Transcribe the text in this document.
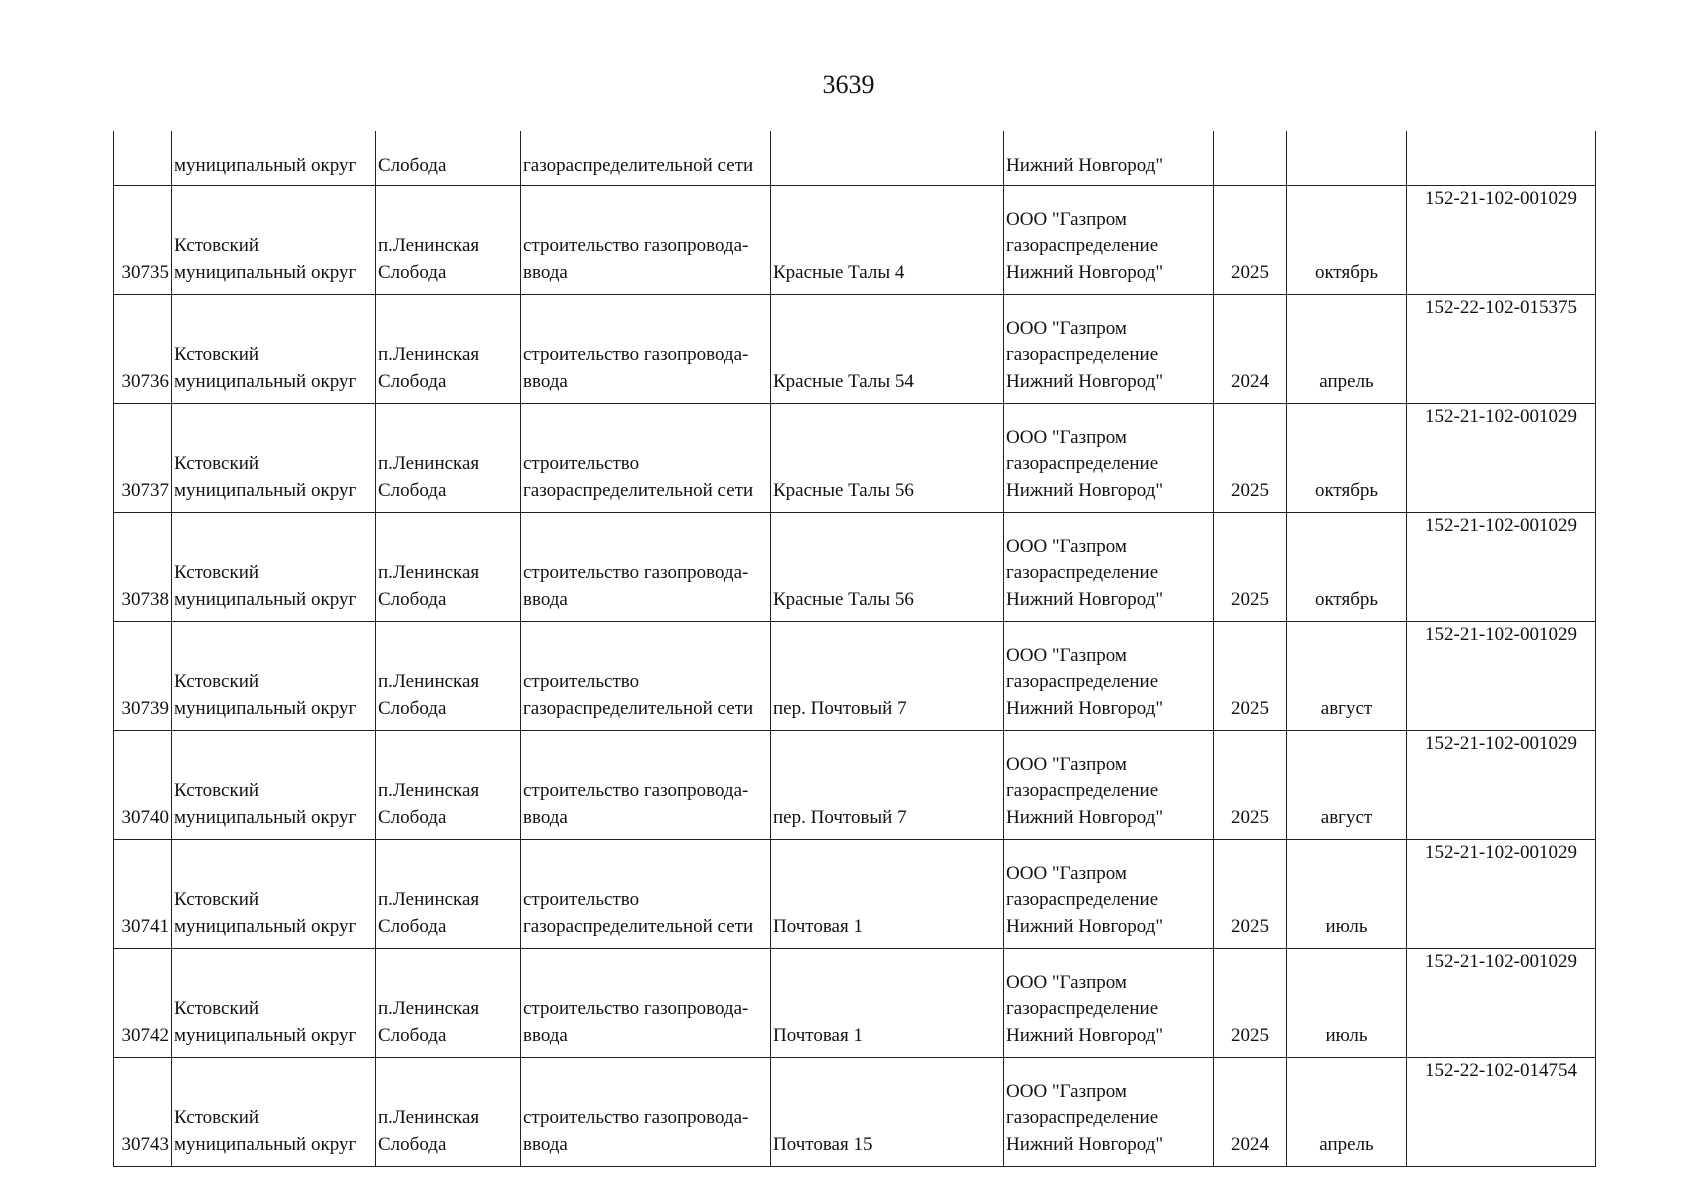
3639

	муниципальный округ	Слобода	газораспределительной сети		Нижний Новгород"			

30735	Кстовский
муниципальный округ	п.Ленинская
Слобода	строительство газопровода-
ввода	Красные Талы 4	ООО "Газпром
газораспределение
Нижний Новгород"	2025	октябрь	152-21-102-001029

30736	Кстовский
муниципальный округ	п.Ленинская
Слобода	строительство газопровода-
ввода	Красные Талы 54	ООО "Газпром
газораспределение
Нижний Новгород"	2024	апрель	152-22-102-015375

30737	Кстовский
муниципальный округ	п.Ленинская
Слобода	строительство
газораспределительной сети	Красные Талы 56	ООО "Газпром
газораспределение
Нижний Новгород"	2025	октябрь	152-21-102-001029

30738	Кстовский
муниципальный округ	п.Ленинская
Слобода	строительство газопровода-
ввода	Красные Талы 56	ООО "Газпром
газораспределение
Нижний Новгород"	2025	октябрь	152-21-102-001029

30739	Кстовский
муниципальный округ	п.Ленинская
Слобода	строительство
газораспределительной сети	пер. Почтовый 7	ООО "Газпром
газораспределение
Нижний Новгород"	2025	август	152-21-102-001029

30740	Кстовский
муниципальный округ	п.Ленинская
Слобода	строительство газопровода-
ввода	пер. Почтовый 7	ООО "Газпром
газораспределение
Нижний Новгород"	2025	август	152-21-102-001029

30741	Кстовский
муниципальный округ	п.Ленинская
Слобода	строительство
газораспределительной сети	Почтовая 1	ООО "Газпром
газораспределение
Нижний Новгород"	2025	июль	152-21-102-001029

30742	Кстовский
муниципальный округ	п.Ленинская
Слобода	строительство газопровода-
ввода	Почтовая 1	ООО "Газпром
газораспределение
Нижний Новгород"	2025	июль	152-21-102-001029

30743	Кстовский
муниципальный округ	п.Ленинская
Слобода	строительство газопровода-
ввода	Почтовая 15	ООО "Газпром
газораспределение
Нижний Новгород"	2024	апрель	152-22-102-014754
